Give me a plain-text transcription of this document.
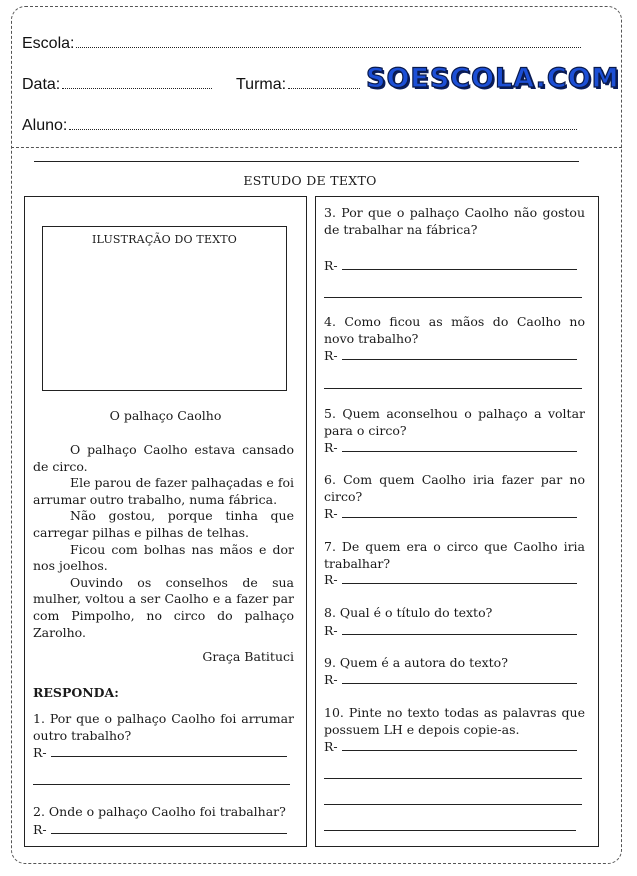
Escola:
Data:	Turma:	SOESCOLA.COM
Aluno:
ESTUDO DE TEXTO
ILUSTRAÇÃO DO TEXTO
O palhaço Caolho

O palhaço Caolho estava cansado de circo.

Ele parou de fazer palhaçadas e foi arrumar outro trabalho, numa fábrica.

Não gostou, porque tinha que carregar pilhas e pilhas de telhas.

Ficou com bolhas nas mãos e dor nos joelhos.

Ouvindo os conselhos de sua mulher, voltou a ser Caolho e a fazer par com Pimpolho, no circo do palhaço Zarolho.

Graça Batituci

RESPONDA:
1. Por que o palhaço Caolho foi arrumar outro trabalho?
R-
2. Onde o palhaço Caolho foi trabalhar?
R-
3. Por que o palhaço Caolho não gostou de trabalhar na fábrica?
R-
4. Como ficou as mãos do Caolho no novo trabalho?
R-
5. Quem aconselhou o palhaço a voltar para o circo?
R-
6. Com quem Caolho iria fazer par no circo?
R-
7. De quem era o circo que Caolho iria trabalhar?
R-
8. Qual é o título do texto?
R-
9. Quem é a autora do texto?
R-
10. Pinte no texto todas as palavras que possuem LH e depois copie-as.
R-
